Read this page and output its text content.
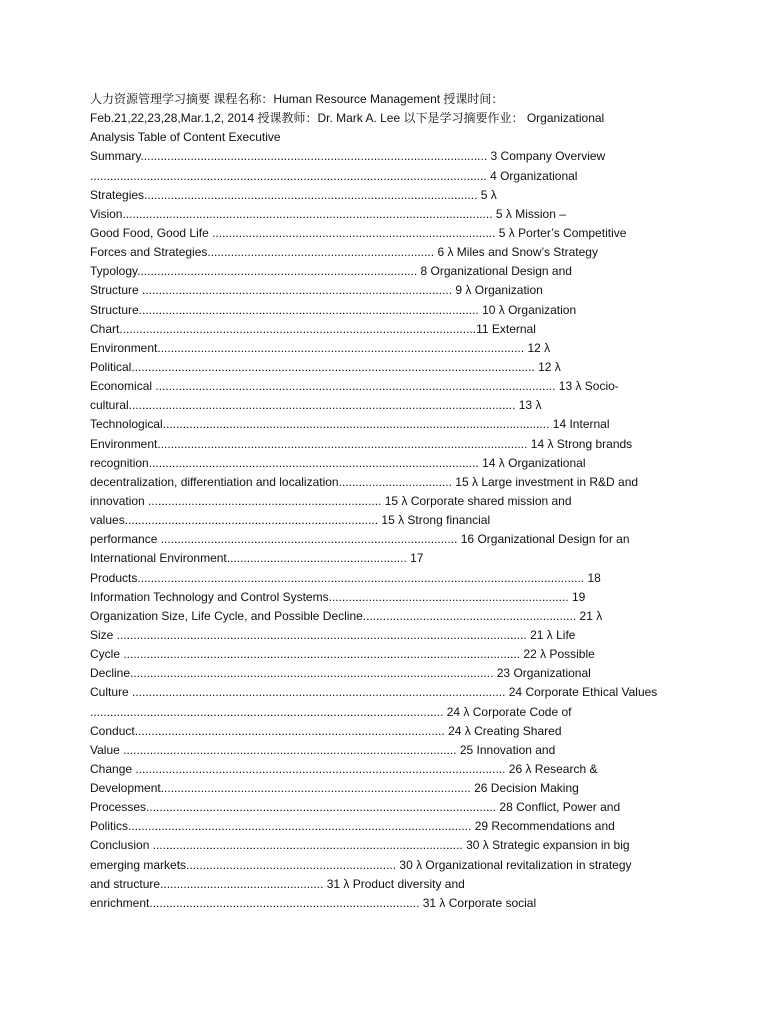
人力资源管理学习摘要 课程名称：Human Resource Management 授课时间：
Feb.21,22,23,28,Mar.1,2, 2014 授课教师：Dr. Mark A. Lee 以下是学习摘要作业： Organizational
Analysis Table of Content Executive
Summary........................................................................................................ 3 Company Overview
....................................................................................................................... 4 Organizational
Strategies.................................................................................................... 5 λ
Vision............................................................................................................... 5 λ Mission –
Good Food, Good Life ..................................................................................... 5 λ Porter’s Competitive
Forces and Strategies.................................................................... 6 λ Miles and Snow’s Strategy
Typology.................................................................................... 8 Organizational Design and
Structure ............................................................................................. 9 λ Organization
Structure...................................................................................................... 10 λ Organization
Chart...........................................................................................................11 External
Environment.............................................................................................................. 12 λ
Political......................................................................................................................... 12 λ
Economical ........................................................................................................................ 13 λ Socio-
cultural.................................................................................................................... 13 λ
Technological.................................................................................................................... 14 Internal
Environment............................................................................................................... 14 λ Strong brands
recognition................................................................................................... 14 λ Organizational
decentralization, differentiation and localization.................................. 15 λ Large investment in R&D and
innovation ...................................................................... 15 λ Corporate shared mission and
values............................................................................ 15 λ Strong financial
performance ......................................................................................... 16 Organizational Design for an
International Environment...................................................... 17
Products...................................................................................................................................... 18
Information Technology and Control Systems........................................................................ 19
Organization Size, Life Cycle, and Possible Decline................................................................ 21 λ
Size ........................................................................................................................... 21 λ Life
Cycle ....................................................................................................................... 22 λ Possible
Decline............................................................................................................. 23 Organizational
Culture ................................................................................................................ 24 Corporate Ethical Values
.......................................................................................................... 24 λ Corporate Code of
Conduct............................................................................................. 24 λ Creating Shared
Value .................................................................................................... 25 Innovation and
Change ............................................................................................................... 26 λ Research &
Development............................................................................................. 26 Decision Making
Processes......................................................................................................... 28 Conflict, Power and
Politics....................................................................................................... 29 Recommendations and
Conclusion ............................................................................................. 30 λ Strategic expansion in big
emerging markets............................................................... 30 λ Organizational revitalization in strategy
and structure................................................. 31 λ Product diversity and
enrichment................................................................................. 31 λ Corporate social
